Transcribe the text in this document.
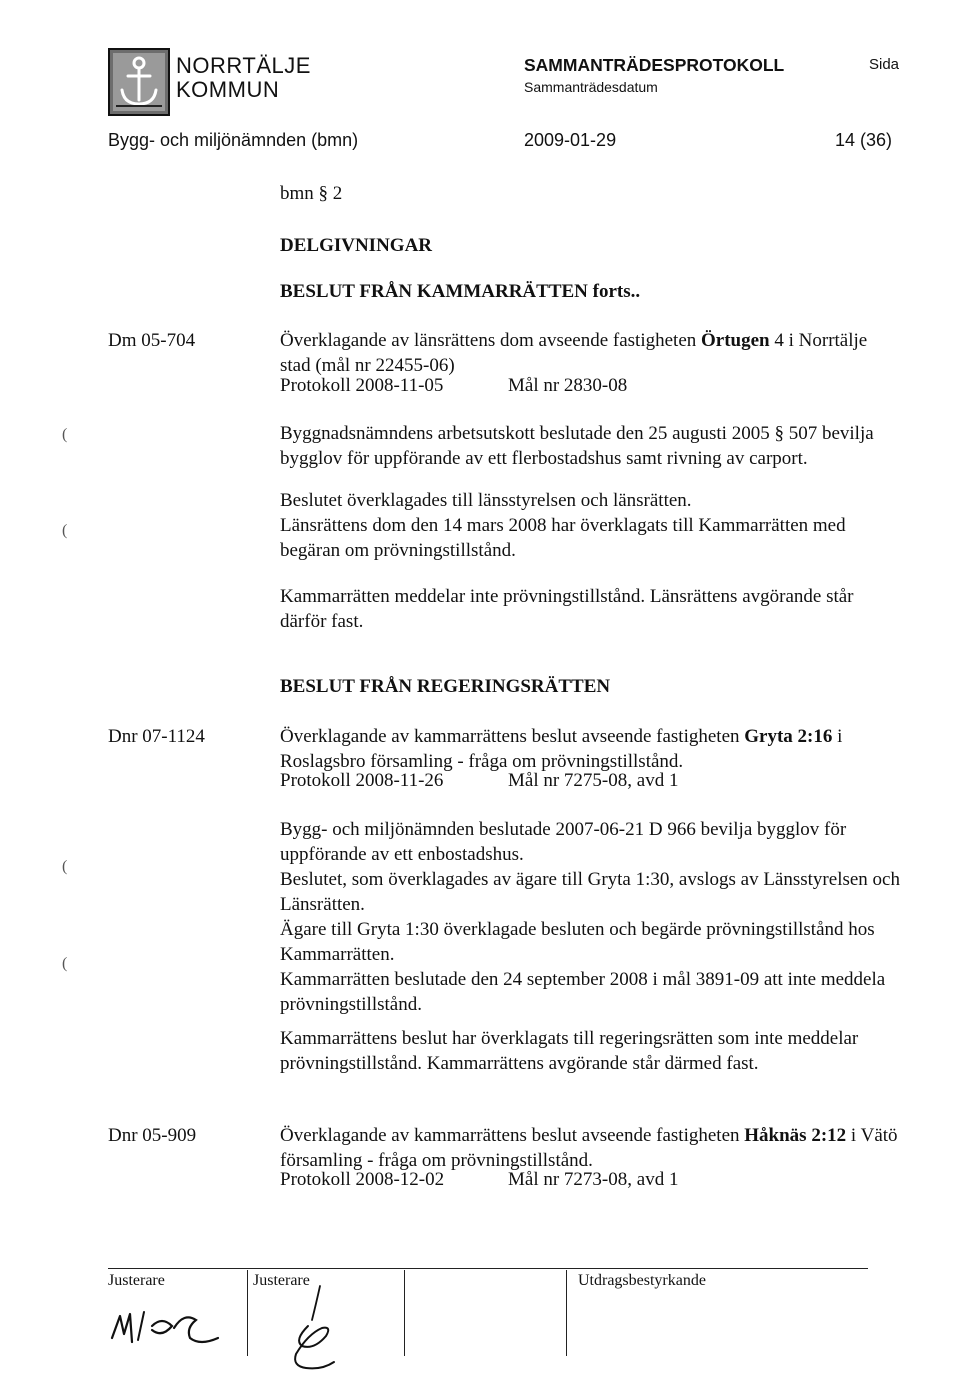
NORRTÄLJE
KOMMUN
SAMMANTRÄDESPROTOKOLL
Sammanträdesdatum
Sida
Bygg- och miljönämnden (bmn)	2009-01-29	14 (36)
bmn § 2
DELGIVNINGAR
BESLUT FRÅN KAMMARRÄTTEN forts..
Dm 05-704	Överklagande av länsrättens dom avseende fastigheten Örtugen 4 i Norrtälje
stad (mål nr 22455-06)
Protokoll 2008-11-05	Mål nr 2830-08
Byggnadsnämndens arbetsutskott beslutade den 25 augusti 2005 § 507 bevilja
bygglov för uppförande av ett flerbostadshus samt rivning av carport.
Beslutet överklagades till länsstyrelsen och länsrätten.
Länsrättens dom den 14 mars 2008 har överklagats till Kammarrätten med
begäran om prövningstillstånd.
Kammarrätten meddelar inte prövningstillstånd. Länsrättens avgörande står
därför fast.
BESLUT FRÅN REGERINGSRÄTTEN
Dnr 07-1124	Överklagande av kammarrättens beslut avseende fastigheten Gryta 2:16 i
Roslagsbro församling - fråga om prövningstillstånd.
Protokoll 2008-11-26	Mål nr 7275-08, avd 1
Bygg- och miljönämnden beslutade 2007-06-21 D 966 bevilja bygglov för
uppförande av ett enbostadshus.
Beslutet, som överklagades av ägare till Gryta 1:30, avslogs av Länsstyrelsen och
Länsrätten.
Ägare till Gryta 1:30 överklagade besluten och begärde prövningstillstånd hos
Kammarrätten.
Kammarrätten beslutade den 24 september 2008 i mål 3891-09 att inte meddela
prövningstillstånd.
Kammarrättens beslut har överklagats till regeringsrätten som inte meddelar
prövningstillstånd. Kammarrättens avgörande står därmed fast.
Dnr 05-909	Överklagande av kammarrättens beslut avseende fastigheten Håknäs 2:12 i Vätö
församling - fråga om prövningstillstånd.
Protokoll 2008-12-02	Mål nr 7273-08, avd 1
(
(
(
(
Justerare	Justerare	Utdragsbestyrkande
